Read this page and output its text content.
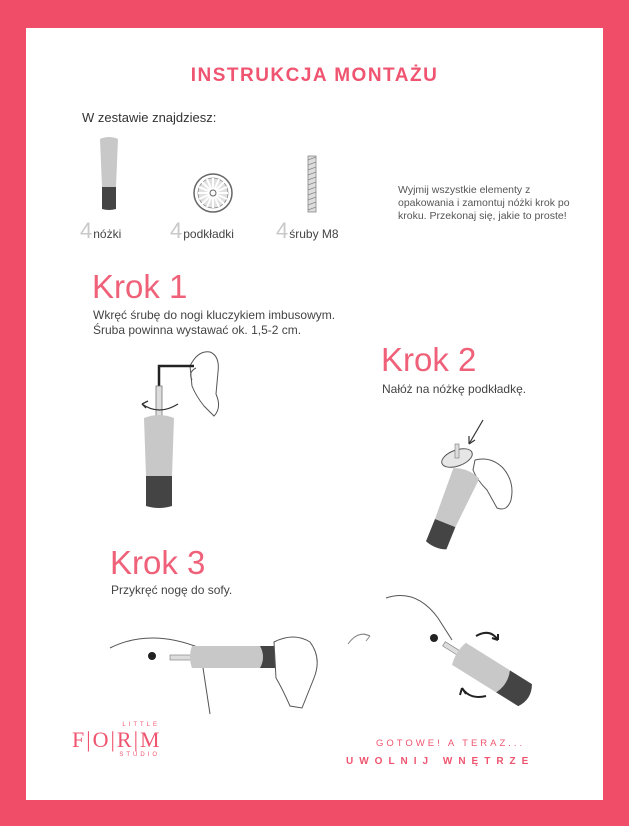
INSTRUKCJA MONTAŻU
W zestawie znajdziesz:
4 nóżki 4 podkładki 4 śruby M8
Wyjmij wszystkie elementy z opakowania i zamontuj nóżki krok po kroku. Przekonaj się, jakie to proste!
Krok 1
Wkręć śrubę do nogi kluczykiem imbusowym.
Śruba powinna wystawać ok. 1,5-2 cm.
Krok 2
Nałóż na nóżkę podkładkę.
Krok 3
Przykręć nogę do sofy.
LITTLE
F|O|R|M
STUDIO
GOTOWE! A TERAZ...
UWOLNIJ WNĘTRZE
